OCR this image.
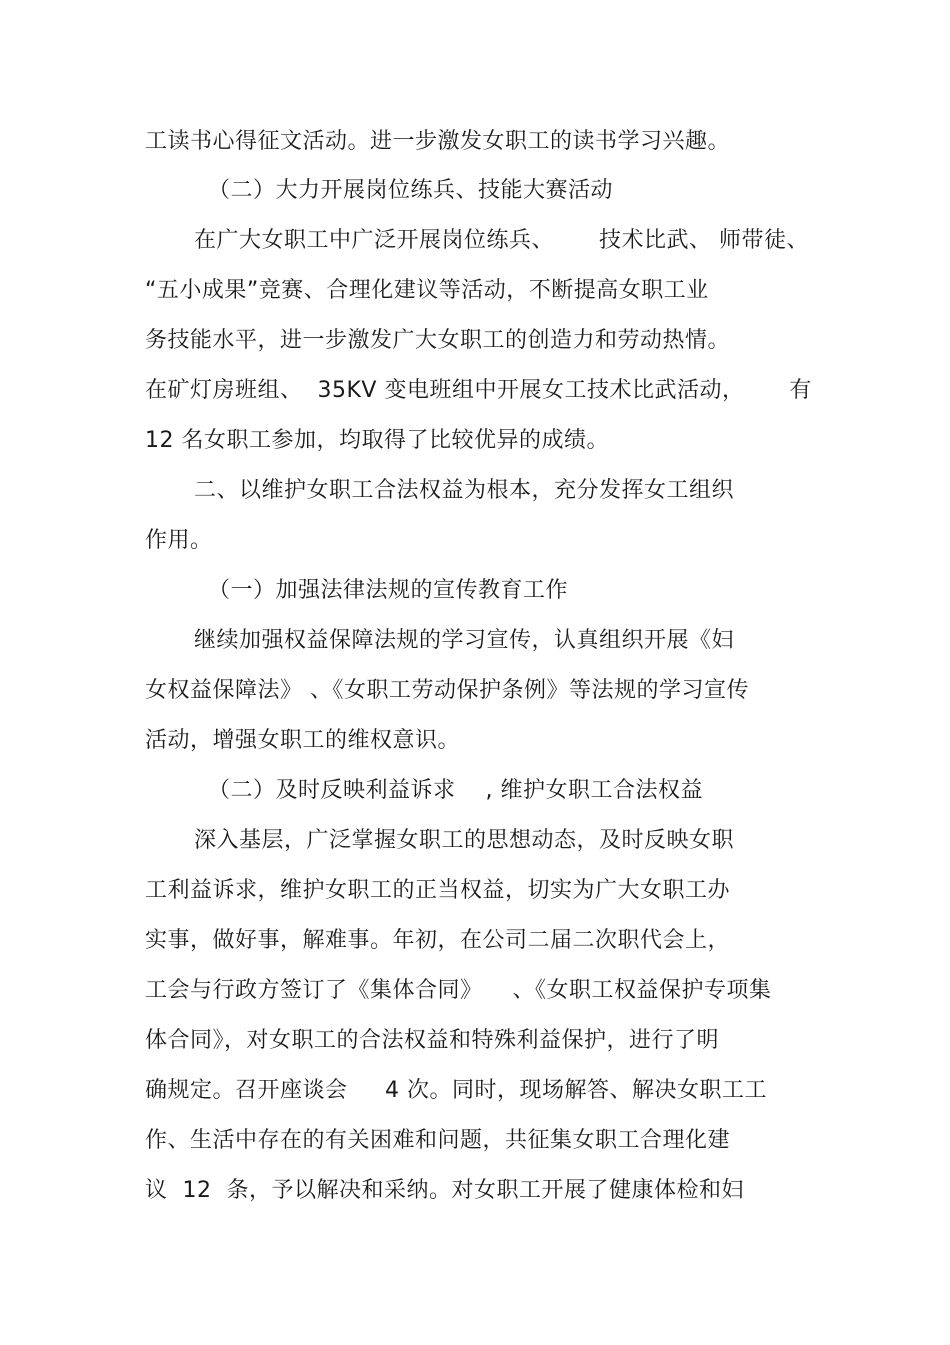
工读书心得征文活动。进一步激发女职工的读书学习兴趣。
（二）大力开展岗位练兵、技能大赛活动
在广大女职工中广泛开展岗位练兵、      技术比武、 师带徒、
“五小成果”竞赛、合理化建议等活动，不断提高女职工业
务技能水平，进一步激发广大女职工的创造力和劳动热情。
在矿灯房班组、  35KV 变电班组中开展女工技术比武活动，      有
12 名女职工参加，均取得了比较优异的成绩。
二、以维护女职工合法权益为根本，充分发挥女工组织
作用。
（一）加强法律法规的宣传教育工作
继续加强权益保障法规的学习宣传，认真组织开展《妇
女权益保障法》 、《女职工劳动保护条例》等法规的学习宣传
活动，增强女职工的维权意识。
（二）及时反映利益诉求    , 维护女职工合法权益
深入基层，广泛掌握女职工的思想动态，及时反映女职
工利益诉求，维护女职工的正当权益，切实为广大女职工办
实事，做好事，解难事。年初，在公司二届二次职代会上，
工会与行政方签订了《集体合同》    、《女职工权益保护专项集
体合同》，对女职工的合法权益和特殊利益保护，进行了明
确规定。召开座谈会     4 次。同时，现场解答、解决女职工工
作、生活中存在的有关困难和问题，共征集女职工合理化建
议  12  条，予以解决和采纳。对女职工开展了健康体检和妇
